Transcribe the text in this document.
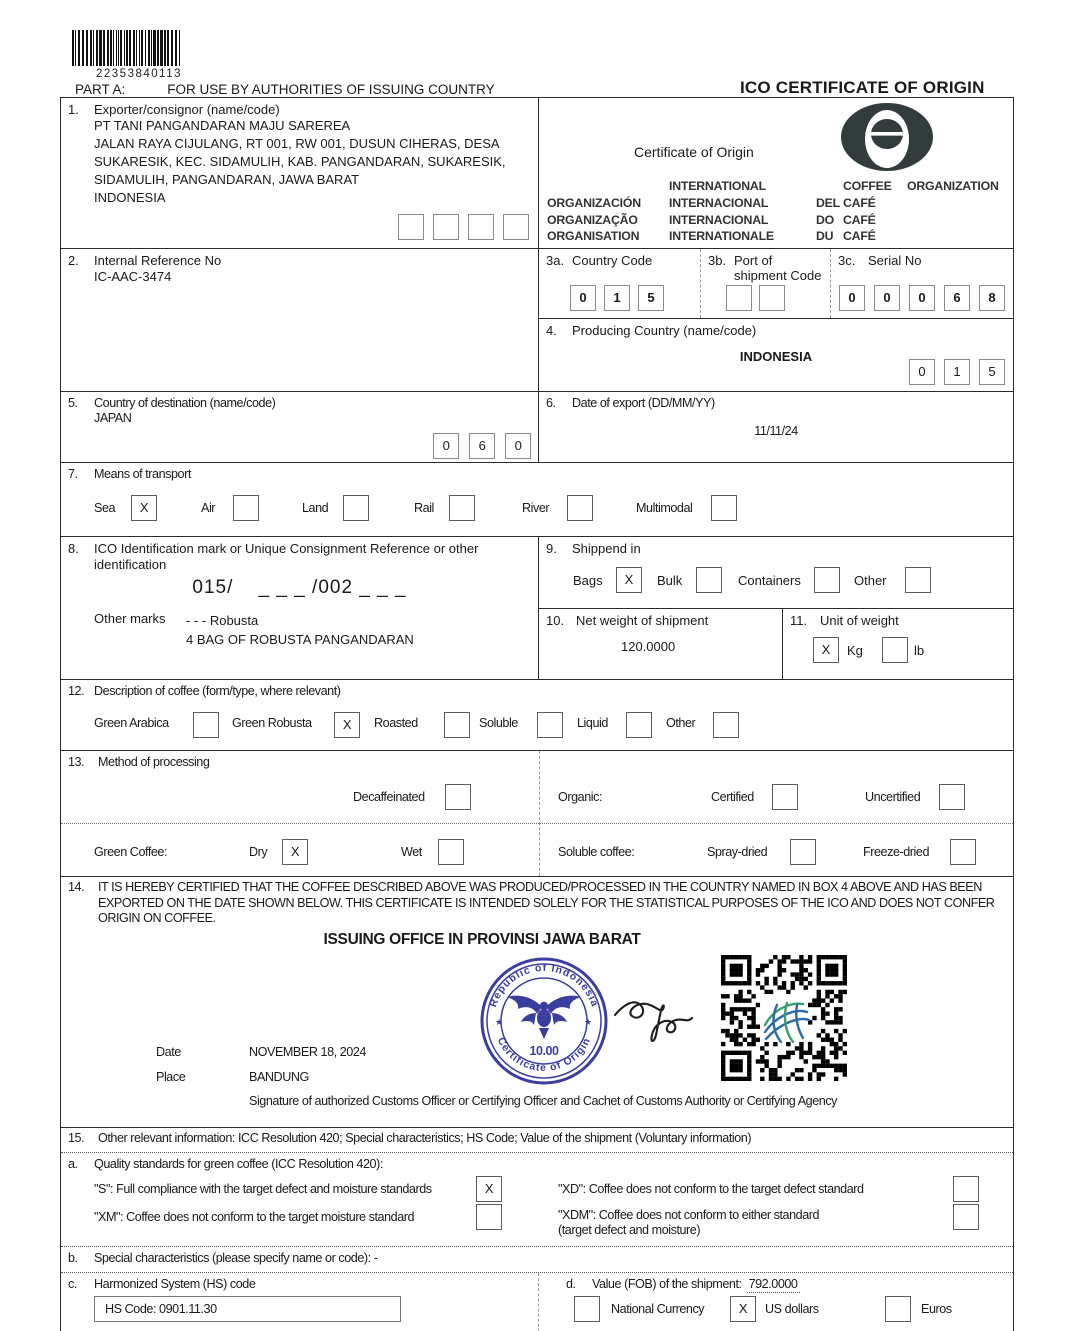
22353840113
PART A:	FOR USE BY AUTHORITIES OF ISSUING COUNTRY	ICO CERTIFICATE OF ORIGIN
1.	Exporter/consignor (name/code)
PT TANI PANGANDARAN MAJU SAREREA
JALAN RAYA CIJULANG, RT 001, RW 001, DUSUN CIHERAS, DESA
SUKARESIK, KEC. SIDAMULIH, KAB. PANGANDARAN, SUKARESIK,
SIDAMULIH, PANGANDARAN, JAWA BARAT
INDONESIA
Certificate of Origin
INTERNATIONAL	COFFEE	ORGANIZATION
ORGANIZACIÓN	INTERNACIONAL	DEL CAFÉ
ORGANIZAÇÃO	INTERNACIONAL	DO CAFÉ
ORGANISATION	INTERNATIONALE	DU CAFÉ
2.	Internal Reference No
IC-AAC-3474
3a. Country Code
0	1	5
3b. Port of shipment Code
3c. Serial No
0	0	0	6	8
4.	Producing Country (name/code)
INDONESIA
0	1	5
5.	Country of destination (name/code)
JAPAN
0	6	0
6.	Date of export (DD/MM/YY)
11/11/24
7.	Means of transport
Sea	X	Air	Land	Rail	River	Multimodal
8.	ICO Identification mark or Unique Consignment Reference or other identification
015/    _ _ _ /002 _ _ _
Other marks - - - Robusta
4 BAG OF ROBUSTA PANGANDARAN
9.	Shippend in
Bags	X	Bulk	Containers	Other
10. Net weight of shipment
120.0000
11. Unit of weight
X	Kg	lb
12. Description of coffee (form/type, where relevant)
Green Arabica	Green Robusta	X	Roasted	Soluble	Liquid	Other
13.	Method of processing
Decaffeinated	Organic:	Certified	Uncertified
Green Coffee:	Dry	X	Wet	Soluble coffee:	Spray-dried	Freeze-dried
14.	IT IS HEREBY CERTIFIED THAT THE COFFEE DESCRIBED ABOVE WAS PRODUCED/PROCESSED IN THE COUNTRY NAMED IN BOX 4 ABOVE AND HAS BEEN EXPORTED ON THE DATE SHOWN BELOW. THIS CERTIFICATE IS INTENDED SOLELY FOR THE STATISTICAL PURPOSES OF THE ICO AND DOES NOT CONFER ORIGIN ON COFFEE.
ISSUING OFFICE IN PROVINSI JAWA BARAT
Republic of Indonesia
Certificate of Origin
★	★
10.00
Date	NOVEMBER 18, 2024
Place	BANDUNG
Signature of authorized Customs Officer or Certifying Officer and Cachet of Customs Authority or Certifying Agency
15.	Other relevant information: ICC Resolution 420; Special characteristics; HS Code; Value of the shipment (Voluntary information)
a.	Quality standards for green coffee (ICC Resolution 420):
"S": Full compliance with the target defect and moisture standards	X	"XD": Coffee does not conform to the target defect standard
"XM": Coffee does not conform to the target moisture standard	"XDM": Coffee does not conform to either standard
(target defect and moisture)
b.	Special characteristics (please specify name or code): -
c.	Harmonized System (HS) code
HS Code: 0901.11.30
d.	Value (FOB) of the shipment: 792.0000
National Currency	X	US dollars	Euros
